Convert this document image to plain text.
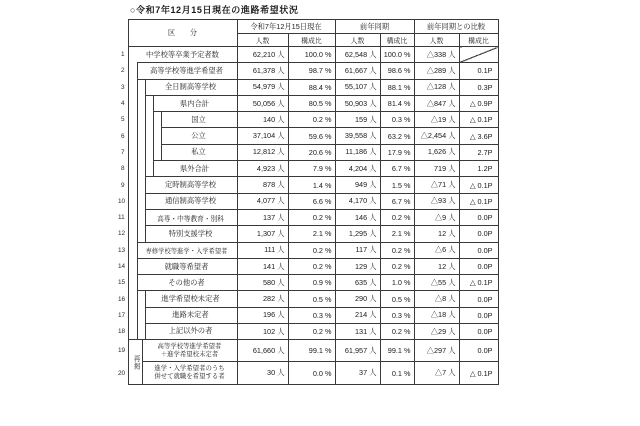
○令和7年12月15日現在の進路希望状況
	区　　分	令和7年12月15日現在		前年同期		前年同期との比較	
		人数	構成比	人数	構成比	人数	構成比
1	中学校等卒業予定者数	62,210 人	100.0 %	62,548 人	100.0 %	△338 人	
2	高等学校等進学希望者	61,378 人	98.7 %	61,667 人	98.6 %	△289 人	0.1P
3	全日制高等学校	54,979 人	88.4 %	55,107 人	88.1 %	△128 人	0.3P
4	県内合計	50,056 人	80.5 %	50,903 人	81.4 %	△847 人	△ 0.9P
5	国立	140 人	0.2 %	159 人	0.3 %	△19 人	△ 0.1P
6	公立	37,104 人	59.6 %	39,558 人	63.2 %	△2,454 人	△ 3.6P
7	私立	12,812 人	20.6 %	11,186 人	17.9 %	1,626 人	2.7P
8	県外合計	4,923 人	7.9 %	4,204 人	6.7 %	719 人	1.2P
9	定時制高等学校	878 人	1.4 %	949 人	1.5 %	△71 人	△ 0.1P
10	通信制高等学校	4,077 人	6.6 %	4,170 人	6.7 %	△93 人	△ 0.1P
11	高専・中等教育・別科	137 人	0.2 %	146 人	0.2 %	△9 人	0.0P
12	特別支援学校	1,307 人	2.1 %	1,295 人	2.1 %	12 人	0.0P
13	専修学校等進学・入学希望者	111 人	0.2 %	117 人	0.2 %	△6 人	0.0P
14	就職等希望者	141 人	0.2 %	129 人	0.2 %	12 人	0.0P
15	その他の者	580 人	0.9 %	635 人	1.0 %	△55 人	△ 0.1P
16	進学希望校未定者	282 人	0.5 %	290 人	0.5 %	△8 人	0.0P
17	進路未定者	196 人	0.3 %	214 人	0.3 %	△18 人	0.0P
18	上記以外の者	102 人	0.2 %	131 人	0.2 %	△29 人	0.0P
19	再掲
高等学校等進学希望者
＋進学希望校未定者	61,660 人	99.1 %	61,957 人	99.1 %	△297 人	0.0P
20	進学・入学希望者のうち
併せて就職を希望する者	30 人	0.0 %	37 人	0.1 %	△7 人	△ 0.1P
